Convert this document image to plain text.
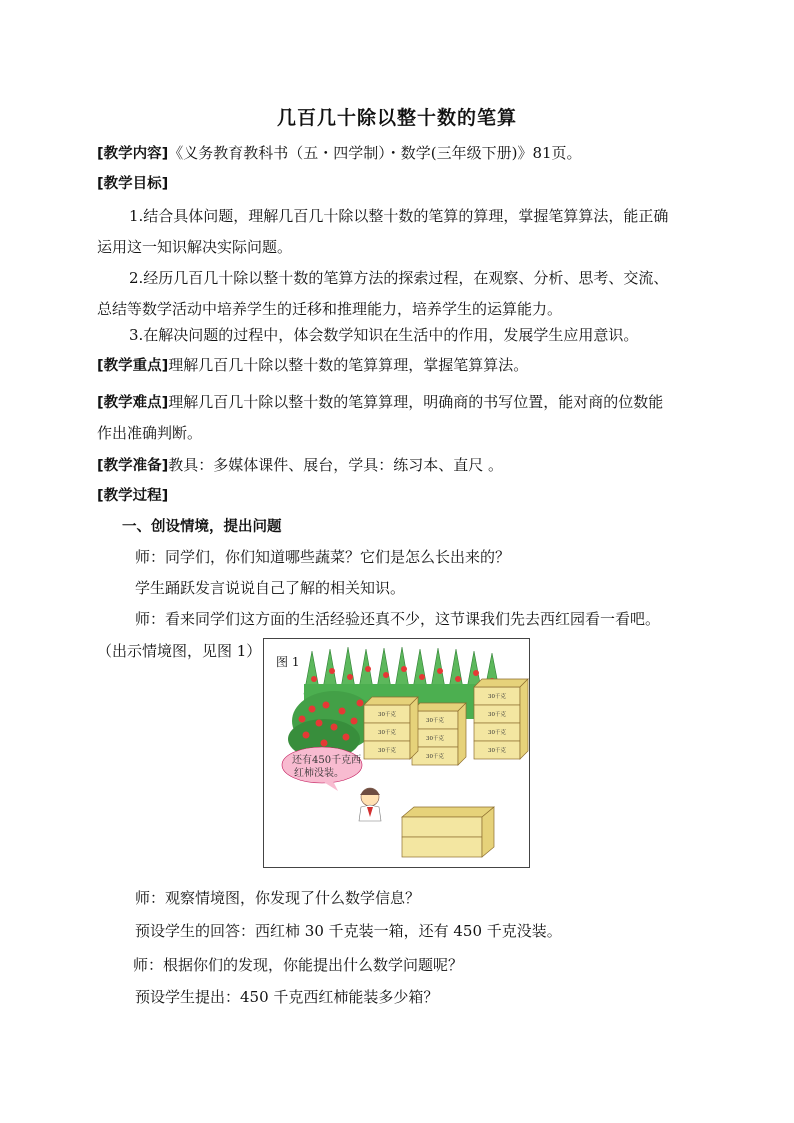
几百几十除以整十数的笔算
[教学内容]《义务教育教科书（五・四学制）・数学(三年级下册)》81页。
[教学目标]
1.结合具体问题，理解几百几十除以整十数的笔算的算理，掌握笔算算法，能正确
运用这一知识解决实际问题。
2.经历几百几十除以整十数的笔算方法的探索过程，在观察、分析、思考、交流、
总结等数学活动中培养学生的迁移和推理能力，培养学生的运算能力。
3.在解决问题的过程中，体会数学知识在生活中的作用，发展学生应用意识。
[教学重点]理解几百几十除以整十数的笔算算理，掌握笔算算法。
[教学难点]理解几百几十除以整十数的笔算算理，明确商的书写位置，能对商的位数能
作出准确判断。
[教学准备]教具：多媒体课件、展台，学具：练习本、直尺 。
[教学过程]
一、创设情境，提出问题
师：同学们，你们知道哪些蔬菜？它们是怎么长出来的？
学生踊跃发言说说自己了解的相关知识。
师：看来同学们这方面的生活经验还真不少，这节课我们先去西红园看一看吧。
（出示情境图，见图 1）
图 1
30千克
30千克
30千克
30千克
30千克
30千克
30千克
30千克
30千克
30千克
还有450千克西
红柿没装。
师：观察情境图，你发现了什么数学信息？
预设学生的回答：西红柿 30 千克装一箱，还有 450 千克没装。
师：根据你们的发现，你能提出什么数学问题呢？
预设学生提出：450 千克西红柿能装多少箱？
